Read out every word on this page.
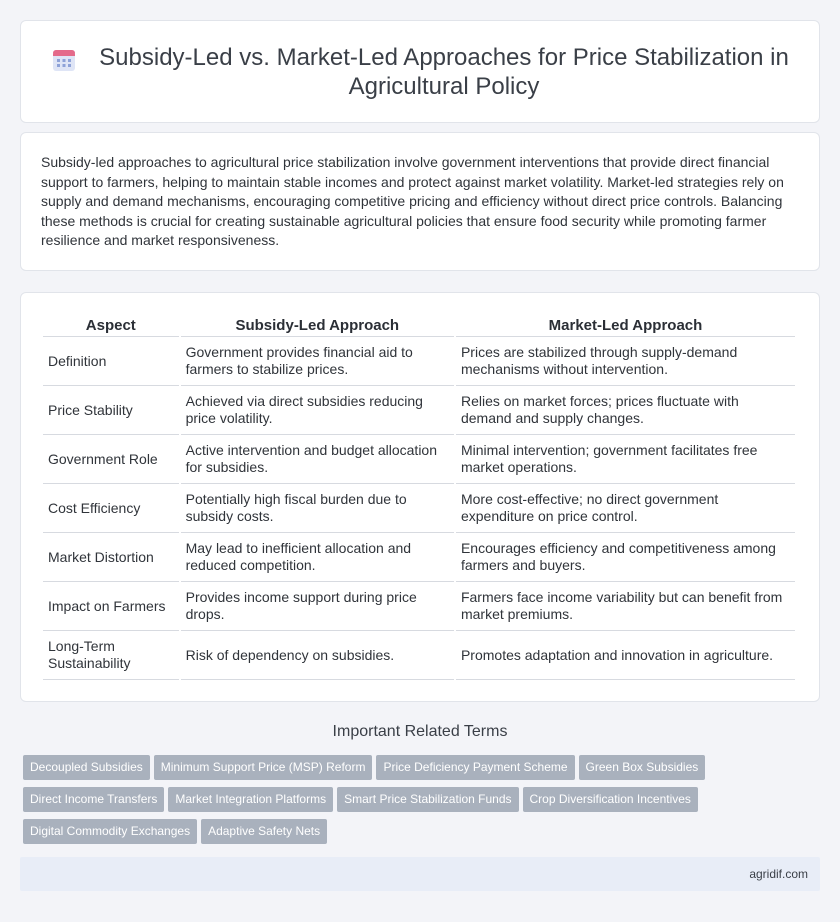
Subsidy-Led vs. Market-Led Approaches for Price Stabilization in Agricultural Policy

Subsidy-led approaches to agricultural price stabilization involve government interventions that provide direct financial support to farmers, helping to maintain stable incomes and protect against market volatility. Market-led strategies rely on supply and demand mechanisms, encouraging competitive pricing and efficiency without direct price controls. Balancing these methods is crucial for creating sustainable agricultural policies that ensure food security while promoting farmer resilience and market responsiveness.

Aspect	Subsidy-Led Approach	Market-Led Approach
Definition	Government provides financial aid to farmers to stabilize prices.	Prices are stabilized through supply-demand mechanisms without intervention.
Price Stability	Achieved via direct subsidies reducing price volatility.	Relies on market forces; prices fluctuate with demand and supply changes.
Government Role	Active intervention and budget allocation for subsidies.	Minimal intervention; government facilitates free market operations.
Cost Efficiency	Potentially high fiscal burden due to subsidy costs.	More cost-effective; no direct government expenditure on price control.
Market Distortion	May lead to inefficient allocation and reduced competition.	Encourages efficiency and competitiveness among farmers and buyers.
Impact on Farmers	Provides income support during price drops.	Farmers face income variability but can benefit from market premiums.
Long-Term Sustainability	Risk of dependency on subsidies.	Promotes adaptation and innovation in agriculture.
Important Related Terms
Decoupled Subsidies Minimum Support Price (MSP) Reform Price Deficiency Payment Scheme Green Box SubsidiesDirect Income Transfers Market Integration Platforms Smart Price Stabilization Funds Crop Diversification IncentivesDigital Commodity Exchanges Adaptive Safety Nets
agridif.com
